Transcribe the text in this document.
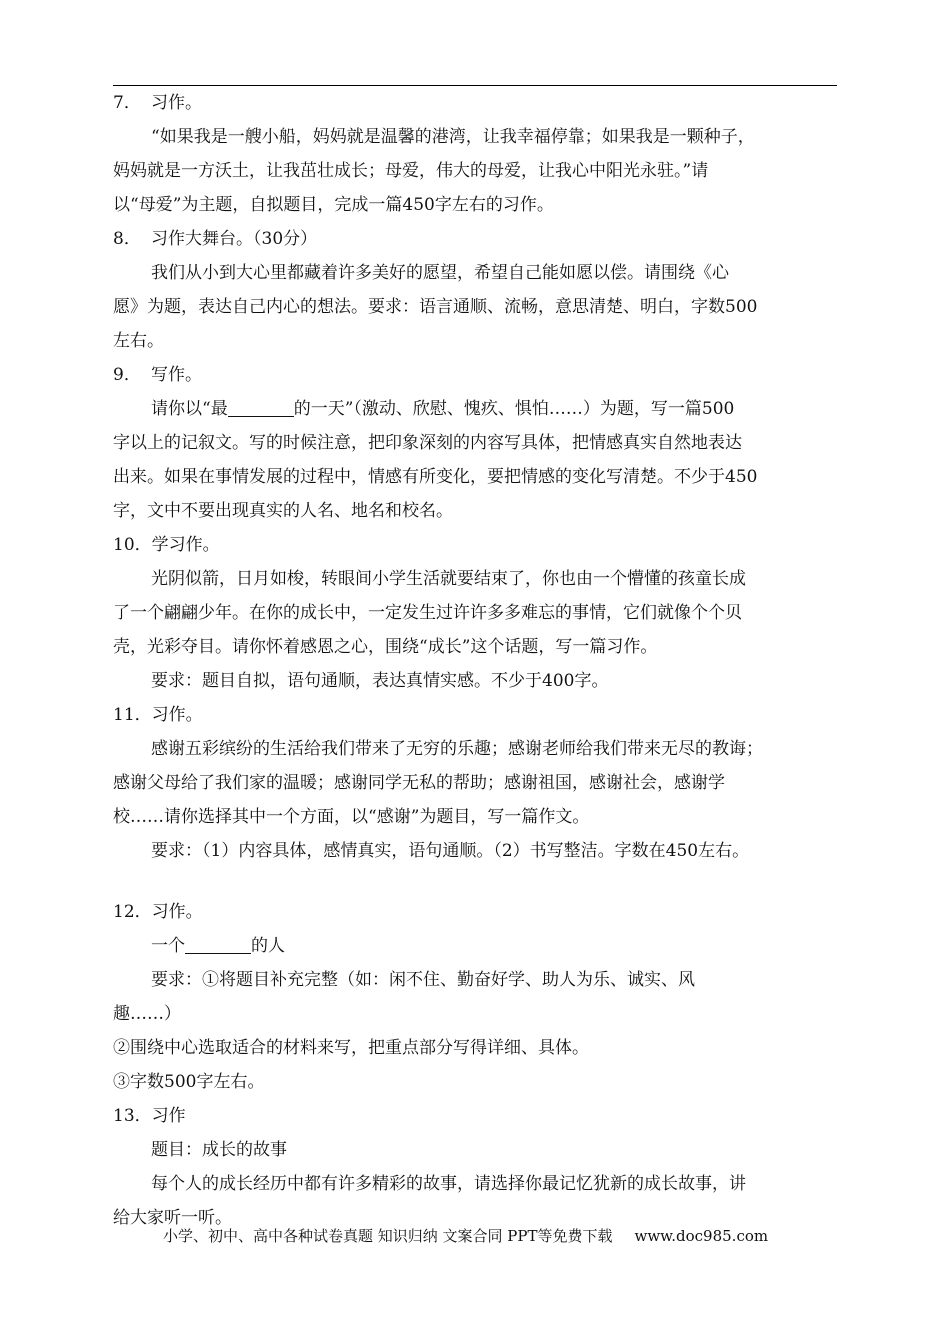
7． 习作。
“如果我是一艘小船，妈妈就是温馨的港湾，让我幸福停靠；如果我是一颗种子，
妈妈就是一方沃土，让我茁壮成长；母爱，伟大的母爱，让我心中阳光永驻。”请
以“母爱”为主题，自拟题目，完成一篇450字左右的习作。
8． 习作大舞台。（30分）
我们从小到大心里都藏着许多美好的愿望，希望自己能如愿以偿。请围绕《心
愿》为题，表达自己内心的想法。要求：语言通顺、流畅，意思清楚、明白，字数500
左右。
9． 写作。
请你以“最	的一天”（激动、欣慰、愧疚、惧怕……）为题，写一篇500
字以上的记叙文。写的时候注意，把印象深刻的内容写具体，把情感真实自然地表达
出来。如果在事情发展的过程中，情感有所变化，要把情感的变化写清楚。不少于450
字，文中不要出现真实的人名、地名和校名。
10．学习作。
光阴似箭，日月如梭，转眼间小学生活就要结束了，你也由一个懵懂的孩童长成
了一个翩翩少年。在你的成长中，一定发生过许许多多难忘的事情，它们就像个个贝
壳，光彩夺目。请你怀着感恩之心，围绕“成长”这个话题，写一篇习作。
要求：题目自拟，语句通顺，表达真情实感。不少于400字。
11．习作。
感谢五彩缤纷的生活给我们带来了无穷的乐趣；感谢老师给我们带来无尽的教诲；
感谢父母给了我们家的温暖；感谢同学无私的帮助；感谢祖国，感谢社会，感谢学
校……请你选择其中一个方面，以“感谢”为题目，写一篇作文。
要求：（1）内容具体，感情真实，语句通顺。（2）书写整洁。字数在450左右。
12．习作。
一个	的人
要求：①将题目补充完整（如：闲不住、勤奋好学、助人为乐、诚实、风
趣……）
②围绕中心选取适合的材料来写，把重点部分写得详细、具体。
③字数500字左右。
13．习作
题目：成长的故事
每个人的成长经历中都有许多精彩的故事，请选择你最记忆犹新的成长故事，讲
给大家听一听。
小学、初中、高中各种试卷真题 知识归纳 文案合同 PPT等免费下载 www.doc985.com
